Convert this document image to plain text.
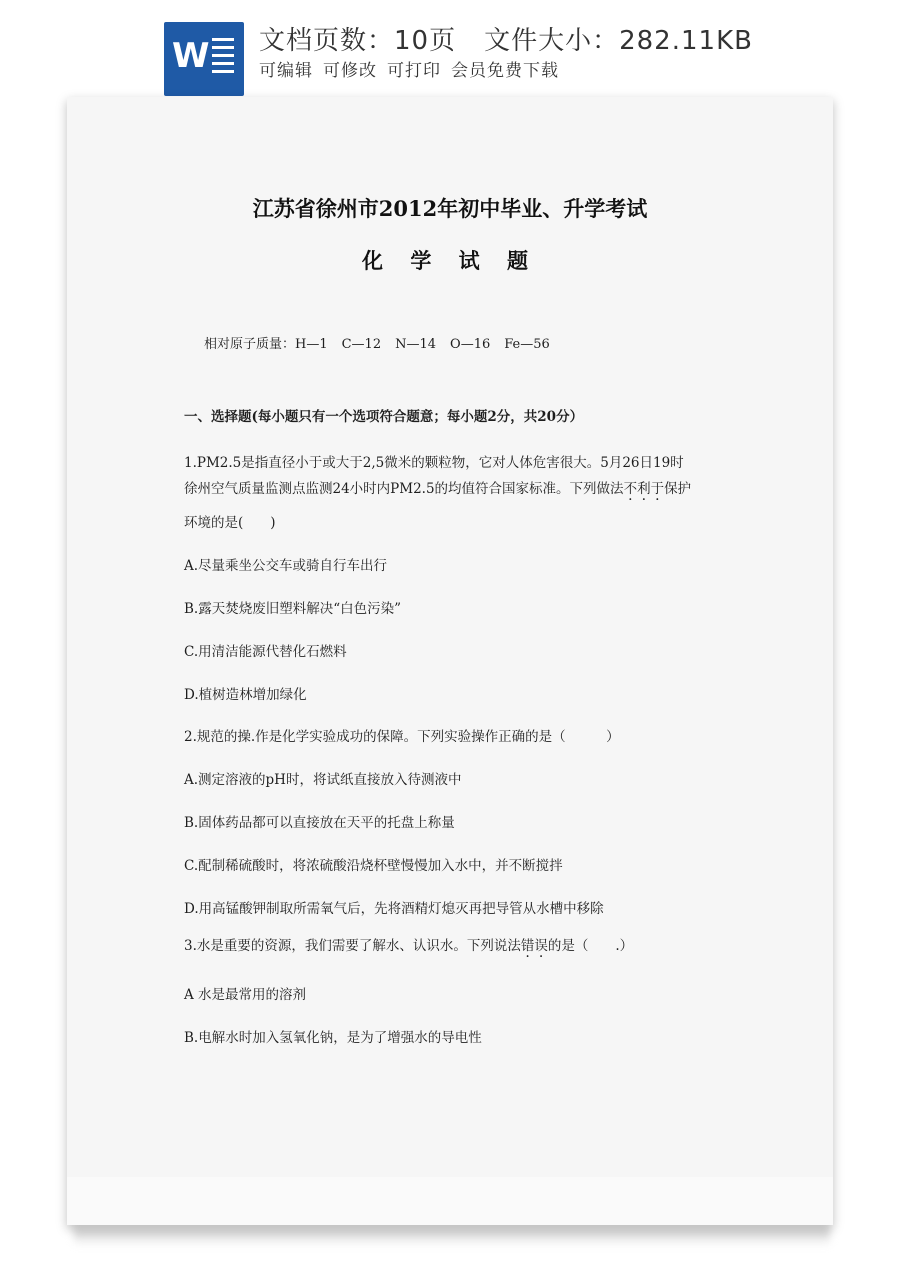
W 文档页数：10页 文件大小：282.11KB
可编辑 可修改 可打印 会员免费下载
江苏省徐州市2012年初中毕业、升学考试
化 学 试 题
相对原子质量：H—1 C—12 N—14 O—16 Fe—56
一、选择题(每小题只有一个选项符合题意；每小题2分，共20分）
1.PM2.5是指直径小于或大于2,5微米的颗粒物，它对人体危害很大。5月26日19时
徐州空气质量监测点监测24小时内PM2.5的均值符合国家标准。下列做法不利于保护
环境的是(　　)
A.尽量乘坐公交车或骑自行车出行
B.露天焚烧废旧塑料解决“白色污染”
C.用清洁能源代替化石燃料
D.植树造林增加绿化
2.规范的操.作是化学实验成功的保障。下列实验操作正确的是（　　　）
A.测定溶液的pH时，将试纸直接放入待测液中
B.固体药品都可以直接放在天平的托盘上称量
C.配制稀硫酸时，将浓硫酸沿烧杯壁慢慢加入水中，并不断搅拌
D.用高锰酸钾制取所需氧气后，先将酒精灯熄灭再把导管从水槽中移除
3.水是重要的资源，我们需要了解水、认识水。下列说法错误的是（　　.）
A 水是最常用的溶剂
B.电解水时加入氢氧化钠，是为了增强水的导电性
